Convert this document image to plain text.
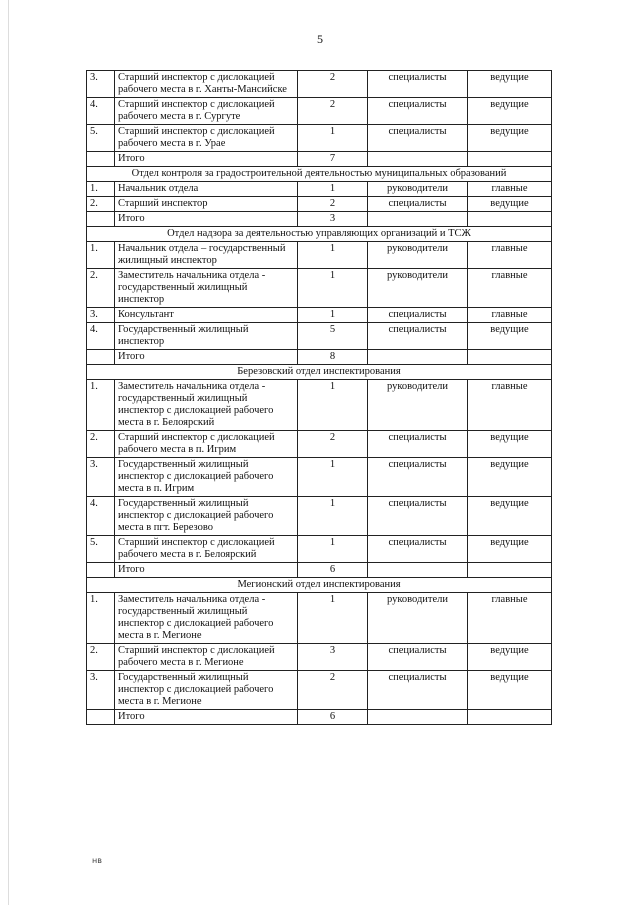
5
3.	Старший инспектор с дислокацией рабочего места в г. Ханты-Мансийске	2	специалисты	ведущие
4.	Старший инспектор с дислокацией рабочего места в г. Сургуте	2	специалисты	ведущие
5.	Старший инспектор с дислокацией рабочего места в г. Урае	1	специалисты	ведущие
	Итого	7		
Отдел контроля за градостроительной деятельностью муниципальных образований				
1.	Начальник отдела	1	руководители	главные
2.	Старший инспектор	2	специалисты	ведущие
	Итого	3		
Отдел надзора за деятельностью управляющих организаций и ТСЖ				
1.	Начальник отдела – государственный жилищный инспектор	1	руководители	главные
2.	Заместитель начальника отдела - государственный жилищный инспектор	1	руководители	главные
3.	Консультант	1	специалисты	главные
4.	Государственный жилищный инспектор	5	специалисты	ведущие
	Итого	8		
Березовский отдел инспектирования				
1.	Заместитель начальника отдела - государственный жилищный инспектор с дислокацией рабочего места в г. Белоярский	1	руководители	главные
2.	Старший инспектор с дислокацией рабочего места в п. Игрим	2	специалисты	ведущие
3.	Государственный жилищный инспектор с дислокацией рабочего места в п. Игрим	1	специалисты	ведущие
4.	Государственный жилищный инспектор с дислокацией рабочего места в пгт. Березово	1	специалисты	ведущие
5.	Старший инспектор с дислокацией рабочего места в г. Белоярский	1	специалисты	ведущие
	Итого	6		
Мегионский отдел инспектирования				
1.	Заместитель начальника отдела - государственный жилищный инспектор с дислокацией рабочего места в г. Мегионе	1	руководители	главные
2.	Старший инспектор с дислокацией рабочего места в г. Мегионе	3	специалисты	ведущие
3.	Государственный жилищный инспектор с дислокацией рабочего места в г. Мегионе	2	специалисты	ведущие
	Итого	6		
нв
